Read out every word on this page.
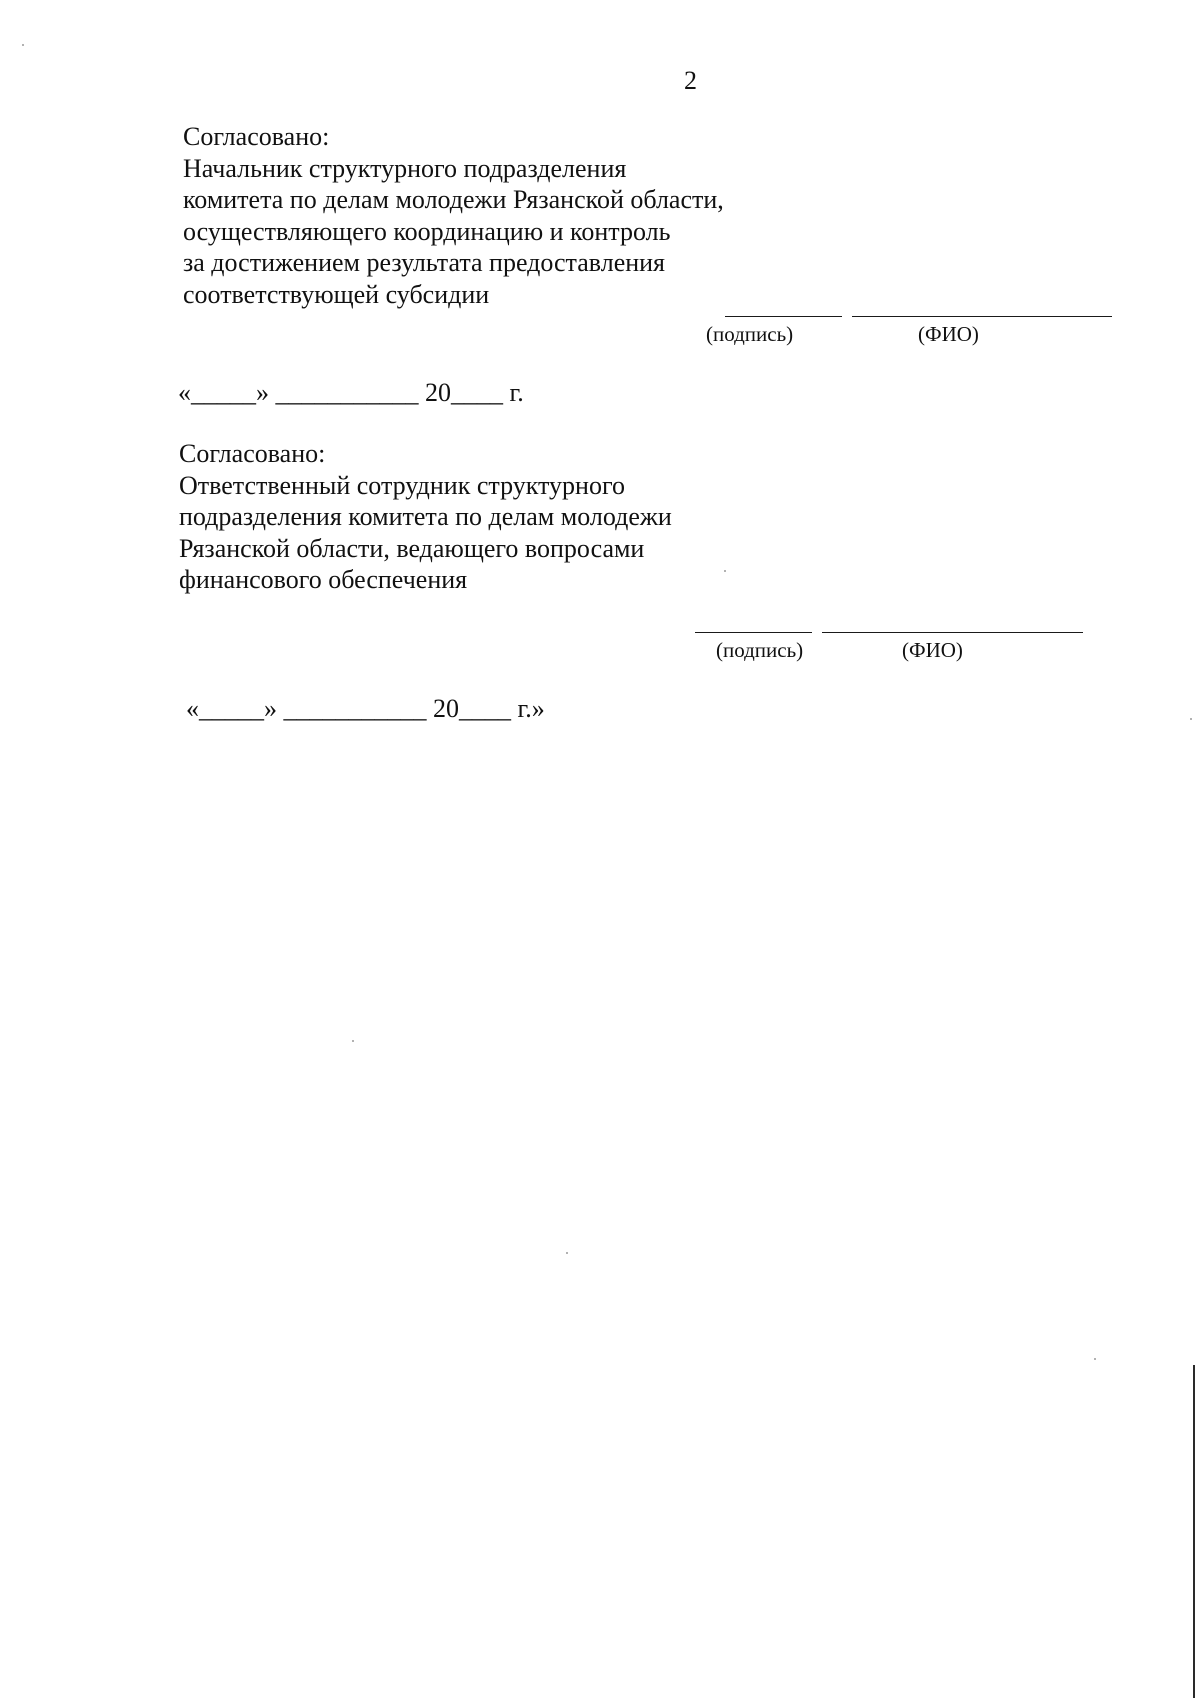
2
Согласовано:
Начальник структурного подразделения
комитета по делам молодежи Рязанской области,
осуществляющего координацию и контроль
за достижением результата предоставления
соответствующей субсидии
(подпись)	(ФИО)
«_____» ___________ 20____ г.
Согласовано:
Ответственный сотрудник структурного
подразделения комитета по делам молодежи
Рязанской области, ведающего вопросами
финансового обеспечения
(подпись)	(ФИО)
«_____» ___________ 20____ г.»
